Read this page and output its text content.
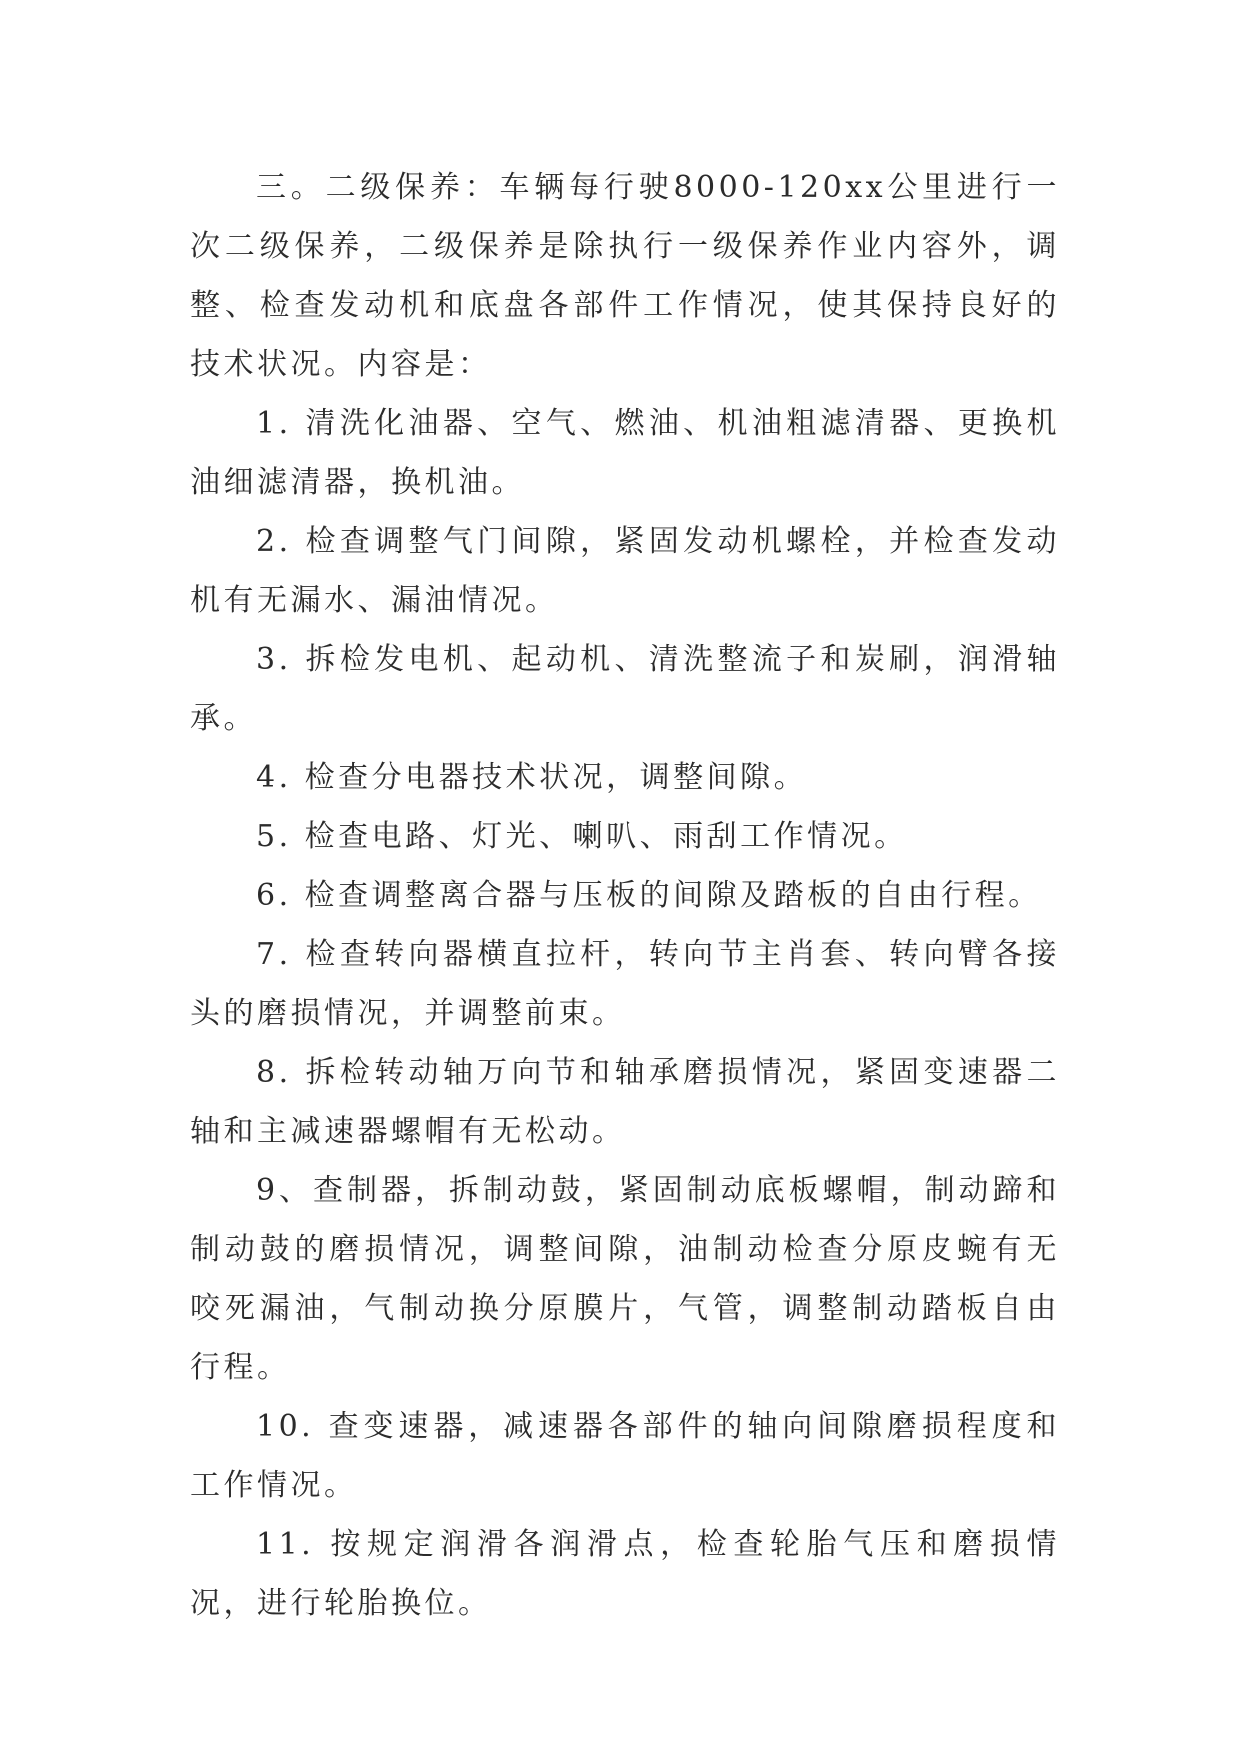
三。二级保养：车辆每行驶8000-120xx公里进行一次二级保养，二级保养是除执行一级保养作业内容外，调整、检查发动机和底盘各部件工作情况，使其保持良好的技术状况。内容是：

1. 清洗化油器、空气、燃油、机油粗滤清器、更换机油细滤清器，换机油。

2. 检查调整气门间隙，紧固发动机螺栓，并检查发动机有无漏水、漏油情况。

3. 拆检发电机、起动机、清洗整流子和炭刷，润滑轴承。

4. 检查分电器技术状况，调整间隙。

5. 检查电路、灯光、喇叭、雨刮工作情况。

6. 检查调整离合器与压板的间隙及踏板的自由行程。

7. 检查转向器横直拉杆，转向节主肖套、转向臂各接头的磨损情况，并调整前束。

8. 拆检转动轴万向节和轴承磨损情况，紧固变速器二轴和主减速器螺帽有无松动。

9、查制器，拆制动鼓，紧固制动底板螺帽，制动蹄和制动鼓的磨损情况，调整间隙，油制动检查分原皮蜿有无咬死漏油，气制动换分原膜片，气管，调整制动踏板自由行程。

10. 查变速器，减速器各部件的轴向间隙磨损程度和工作情况。

11. 按规定润滑各润滑点，检查轮胎气压和磨损情况，进行轮胎换位。
